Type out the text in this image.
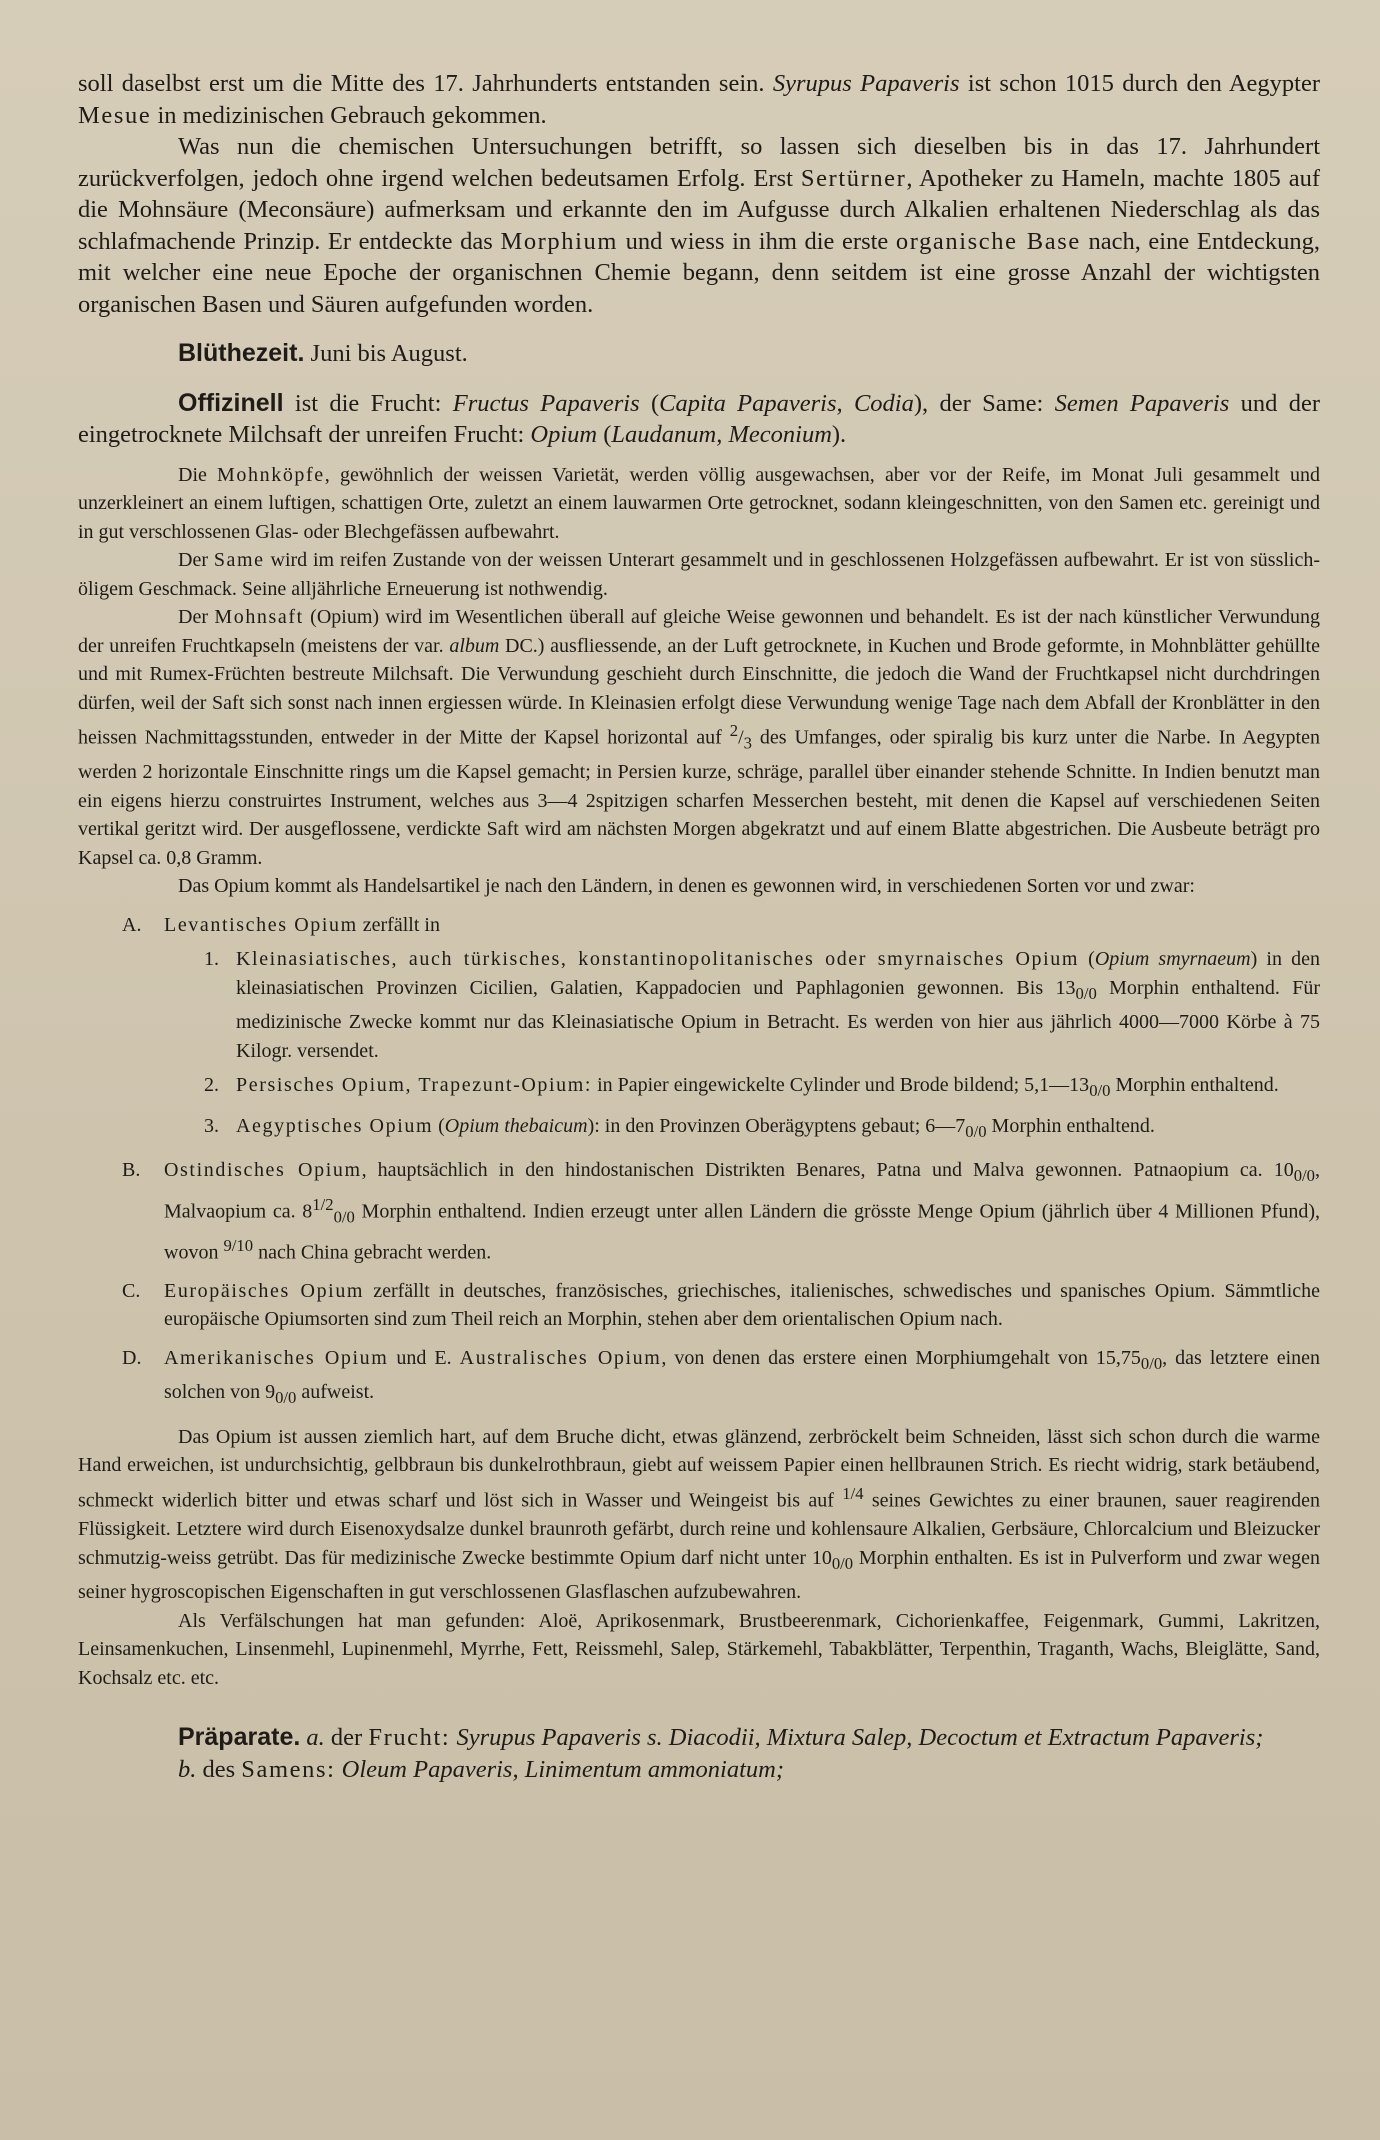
soll daselbst erst um die Mitte des 17. Jahrhunderts entstanden sein. Syrupus Papaveris ist schon 1015 durch den Aegypter Mesue in medizinischen Gebrauch gekommen.

Was nun die chemischen Untersuchungen betrifft, so lassen sich dieselben bis in das 17. Jahrhundert zurückverfolgen, jedoch ohne irgend welchen bedeutsamen Erfolg. Erst Sertürner, Apotheker zu Hameln, machte 1805 auf die Mohnsäure (Meconsäure) aufmerksam und erkannte den im Aufgusse durch Alkalien erhaltenen Niederschlag als das schlafmachende Prinzip. Er entdeckte das Morphium und wiess in ihm die erste organische Base nach, eine Entdeckung, mit welcher eine neue Epoche der organischnen Chemie begann, denn seitdem ist eine grosse Anzahl der wichtigsten organischen Basen und Säuren aufgefunden worden.

Blüthezeit. Juni bis August.

Offizinell ist die Frucht: Fructus Papaveris (Capita Papaveris, Codia), der Same: Semen Papaveris und der eingetrocknete Milchsaft der unreifen Frucht: Opium (Laudanum, Meconium).

Die Mohnköpfe, gewöhnlich der weissen Varietät, werden völlig ausgewachsen, aber vor der Reife, im Monat Juli gesammelt und unzerkleinert an einem luftigen, schattigen Orte, zuletzt an einem lauwarmen Orte getrocknet, sodann kleingeschnitten, von den Samen etc. gereinigt und in gut verschlossenen Glas- oder Blechgefässen aufbewahrt.

Der Same wird im reifen Zustande von der weissen Unterart gesammelt und in geschlossenen Holzgefässen aufbewahrt. Er ist von süsslich-öligem Geschmack. Seine alljährliche Erneuerung ist nothwendig.

Der Mohnsaft (Opium) wird im Wesentlichen überall auf gleiche Weise gewonnen und behandelt. Es ist der nach künstlicher Verwundung der unreifen Fruchtkapseln (meistens der var. album DC.) ausfliessende, an der Luft getrocknete, in Kuchen und Brode geformte, in Mohnblätter gehüllte und mit Rumex-Früchten bestreute Milchsaft. Die Verwundung geschieht durch Einschnitte, die jedoch die Wand der Fruchtkapsel nicht durchdringen dürfen, weil der Saft sich sonst nach innen ergiessen würde. In Kleinasien erfolgt diese Verwundung wenige Tage nach dem Abfall der Kronblätter in den heissen Nachmittagsstunden, entweder in der Mitte der Kapsel horizontal auf $^2/_3$ des Umfanges, oder spiralig bis kurz unter die Narbe. In Aegypten werden 2 horizontale Einschnitte rings um die Kapsel gemacht; in Persien kurze, schräge, parallel über einander stehende Schnitte. In Indien benutzt man ein eigens hierzu construirtes Instrument, welches aus 3—4 2spitzigen scharfen Messerchen besteht, mit denen die Kapsel auf verschiedenen Seiten vertikal geritzt wird. Der ausgeflossene, verdickte Saft wird am nächsten Morgen abgekratzt und auf einem Blatte abgestrichen. Die Ausbeute beträgt pro Kapsel ca. 0,8 Gramm.

Das Opium kommt als Handelsartikel je nach den Ländern, in denen es gewonnen wird, in verschiedenen Sorten vor und zwar:

A. Levantisches Opium zerfällt in

1. Kleinasiatisches, auch türkisches, konstantinopolitanisches oder smyrnaisches Opium (Opium smyrnaeum) in den kleinasiatischen Provinzen Cicilien, Galatien, Kappadocien und Paphlagonien gewonnen. Bis $13_{0/0}$ Morphin enthaltend. Für medizinische Zwecke kommt nur das Kleinasiatische Opium in Betracht. Es werden von hier aus jährlich 4000—7000 Körbe à 75 Kilogr. versendet.

2. Persisches Opium, Trapezunt-Opium: in Papier eingewickelte Cylinder und Brode bildend; $5,1—13_{0/0}$ Morphin enthaltend.

3. Aegyptisches Opium (Opium thebaicum): in den Provinzen Oberägyptens gebaut; $6—7_{0/0}$ Morphin enthaltend.

B. Ostindisches Opium, hauptsächlich in den hindostanischen Distrikten Benares, Patna und Malva gewonnen. Patnaopium ca. $10_{0/0}$, Malvaopium ca. $8^{1/2}_{0/0}$ Morphin enthaltend. Indien erzeugt unter allen Ländern die grösste Menge Opium (jährlich über 4 Millionen Pfund), wovon $^{9/10}$ nach China gebracht werden.

C. Europäisches Opium zerfällt in deutsches, französisches, griechisches, italienisches, schwedisches und spanisches Opium. Sämmtliche europäische Opiumsorten sind zum Theil reich an Morphin, stehen aber dem orientalischen Opium nach.

D. Amerikanisches Opium und E. Australisches Opium, von denen das erstere einen Morphiumgehalt von $15,75_{0/0}$, das letztere einen solchen von $9_{0/0}$ aufweist.

Das Opium ist aussen ziemlich hart, auf dem Bruche dicht, etwas glänzend, zerbröckelt beim Schneiden, lässt sich schon durch die warme Hand erweichen, ist undurchsichtig, gelbbraun bis dunkelrothbraun, giebt auf weissem Papier einen hellbraunen Strich. Es riecht widrig, stark betäubend, schmeckt widerlich bitter und etwas scharf und löst sich in Wasser und Weingeist bis auf $^{1/4}$ seines Gewichtes zu einer braunen, sauer reagirenden Flüssigkeit. Letztere wird durch Eisenoxydsalze dunkel braunroth gefärbt, durch reine und kohlensaure Alkalien, Gerbsäure, Chlorcalcium und Bleizucker schmutzig-weiss getrübt. Das für medizinische Zwecke bestimmte Opium darf nicht unter $10_{0/0}$ Morphin enthalten. Es ist in Pulverform und zwar wegen seiner hygroscopischen Eigenschaften in gut verschlossenen Glasflaschen aufzubewahren.

Als Verfälschungen hat man gefunden: Aloë, Aprikosenmark, Brustbeerenmark, Cichorienkaffee, Feigenmark, Gummi, Lakritzen, Leinsamenkuchen, Linsenmehl, Lupinenmehl, Myrrhe, Fett, Reissmehl, Salep, Stärkemehl, Tabakblätter, Terpenthin, Traganth, Wachs, Bleiglätte, Sand, Kochsalz etc. etc.

Präparate. a. der Frucht: Syrupus Papaveris s. Diacodii, Mixtura Salep, Decoctum et Extractum Papaveris;

b. des Samens: Oleum Papaveris, Linimentum ammoniatum;
